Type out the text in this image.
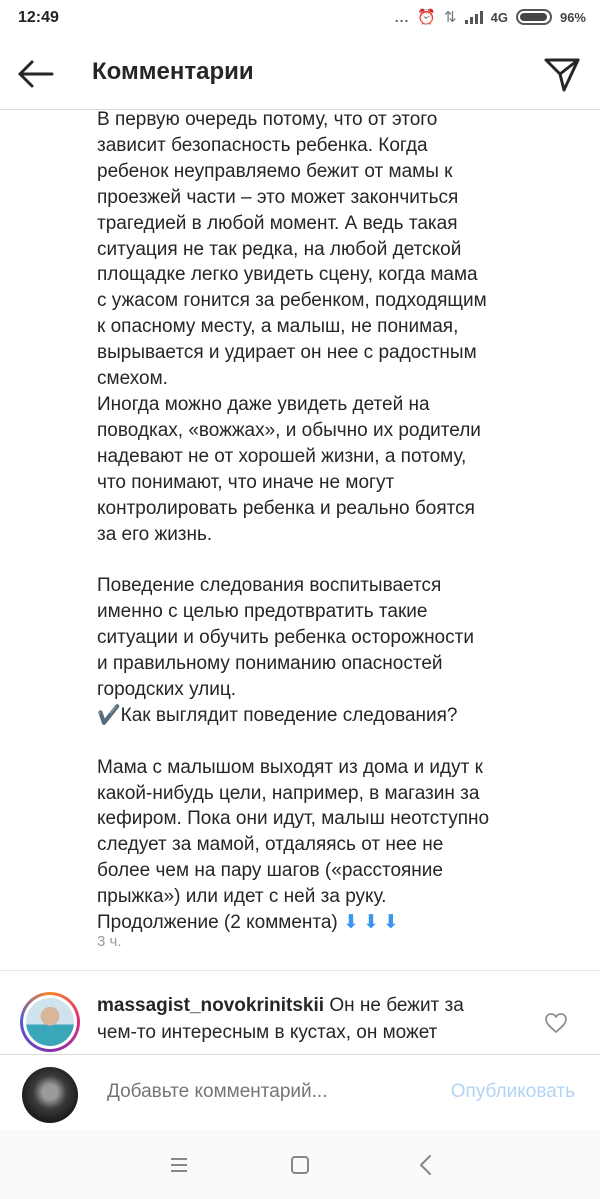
12:49	... ⏰ ⇅	4G	96%
Комментарии
В первую очередь потому, что от этого
зависит безопасность ребенка. Когда
ребенок неуправляемо бежит от мамы к
проезжей части – это может закончиться
трагедией в любой момент. А ведь такая
ситуация не так редка, на любой детской
площадке легко увидеть сцену, когда мама
с ужасом гонится за ребенком, подходящим
к опасному месту, а малыш, не понимая,
вырывается и удирает он нее с радостным
смехом.
Иногда можно даже увидеть детей на
поводках, «вожжах», и обычно их родители
надевают не от хорошей жизни, а потому,
что понимают, что иначе не могут
контролировать ребенка и реально боятся
за его жизнь.

Поведение следования воспитывается
именно с целью предотвратить такие
ситуации и обучить ребенка осторожности
и правильному пониманию опасностей
городских улиц.
✔️Как выглядит поведение следования?

Мама с малышом выходят из дома и идут к
какой-нибудь цели, например, в магазин за
кефиром. Пока они идут, малыш неотступно
следует за мамой, отдаляясь от нее не
более чем на пару шагов («расстояние
прыжка») или идет с ней за руку.
Продолжение (2 коммента) ⬇⬇⬇
3 ч.
massagist_novokrinitskii Он не бежит за
чем-то интересным в кустах, он может
Добавьте комментарий...
Опубликовать
